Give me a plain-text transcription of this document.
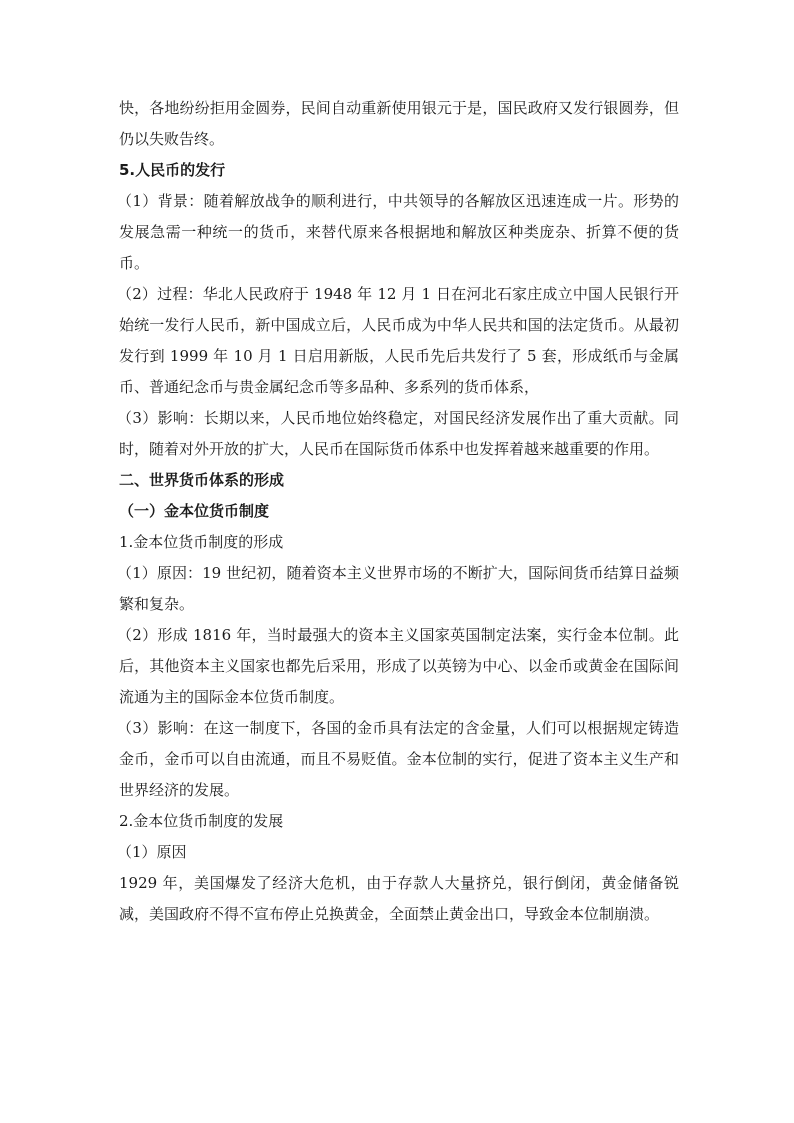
快，各地纷纷拒用金圆券，民间自动重新使用银元于是，国民政府又发行银圆券，但仍以失败告终。

5.人民币的发行

（1）背景：随着解放战争的顺利进行，中共领导的各解放区迅速连成一片。形势的发展急需一种统一的货币，来替代原来各根据地和解放区种类庞杂、折算不便的货币。

（2）过程：华北人民政府于 1948 年 12 月 1 日在河北石家庄成立中国人民银行开始统一发行人民币，新中国成立后，人民币成为中华人民共和国的法定货币。从最初发行到 1999 年 10 月 1 日启用新版，人民币先后共发行了 5 套，形成纸币与金属币、普通纪念币与贵金属纪念币等多品种、多系列的货币体系，

（3）影响：长期以来，人民币地位始终稳定，对国民经济发展作出了重大贡献。同时，随着对外开放的扩大，人民币在国际货币体系中也发挥着越来越重要的作用。

二、世界货币体系的形成

（一）金本位货币制度

1.金本位货币制度的形成

（1）原因：19 世纪初，随着资本主义世界市场的不断扩大，国际间货币结算日益频繁和复杂。

（2）形成 1816 年，当时最强大的资本主义国家英国制定法案，实行金本位制。此后，其他资本主义国家也都先后采用，形成了以英镑为中心、以金币或黄金在国际间流通为主的国际金本位货币制度。

（3）影响：在这一制度下，各国的金币具有法定的含金量，人们可以根据规定铸造金币，金币可以自由流通，而且不易贬值。金本位制的实行，促进了资本主义生产和世界经济的发展。

2.金本位货币制度的发展

（1）原因

1929 年，美国爆发了经济大危机，由于存款人大量挤兑，银行倒闭，黄金储备锐减，美国政府不得不宣布停止兑换黄金，全面禁止黄金出口，导致金本位制崩溃。
